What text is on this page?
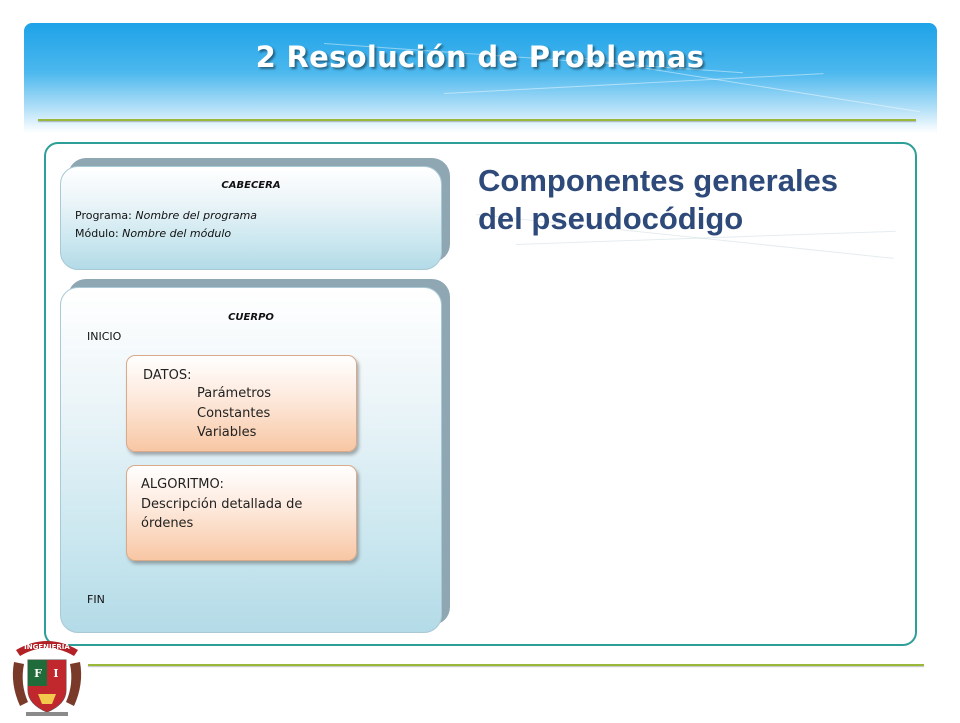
2 Resolución de Problemas
Componentes generales
del pseudocódigo
CABECERA
Programa: Nombre del programa
Módulo: Nombre del módulo
CUERPO
INICIO
FIN
DATOS:
Parámetros
Constantes
Variables
ALGORITMO:
Descripción detallada de
órdenes
INGENIERIA
F I
